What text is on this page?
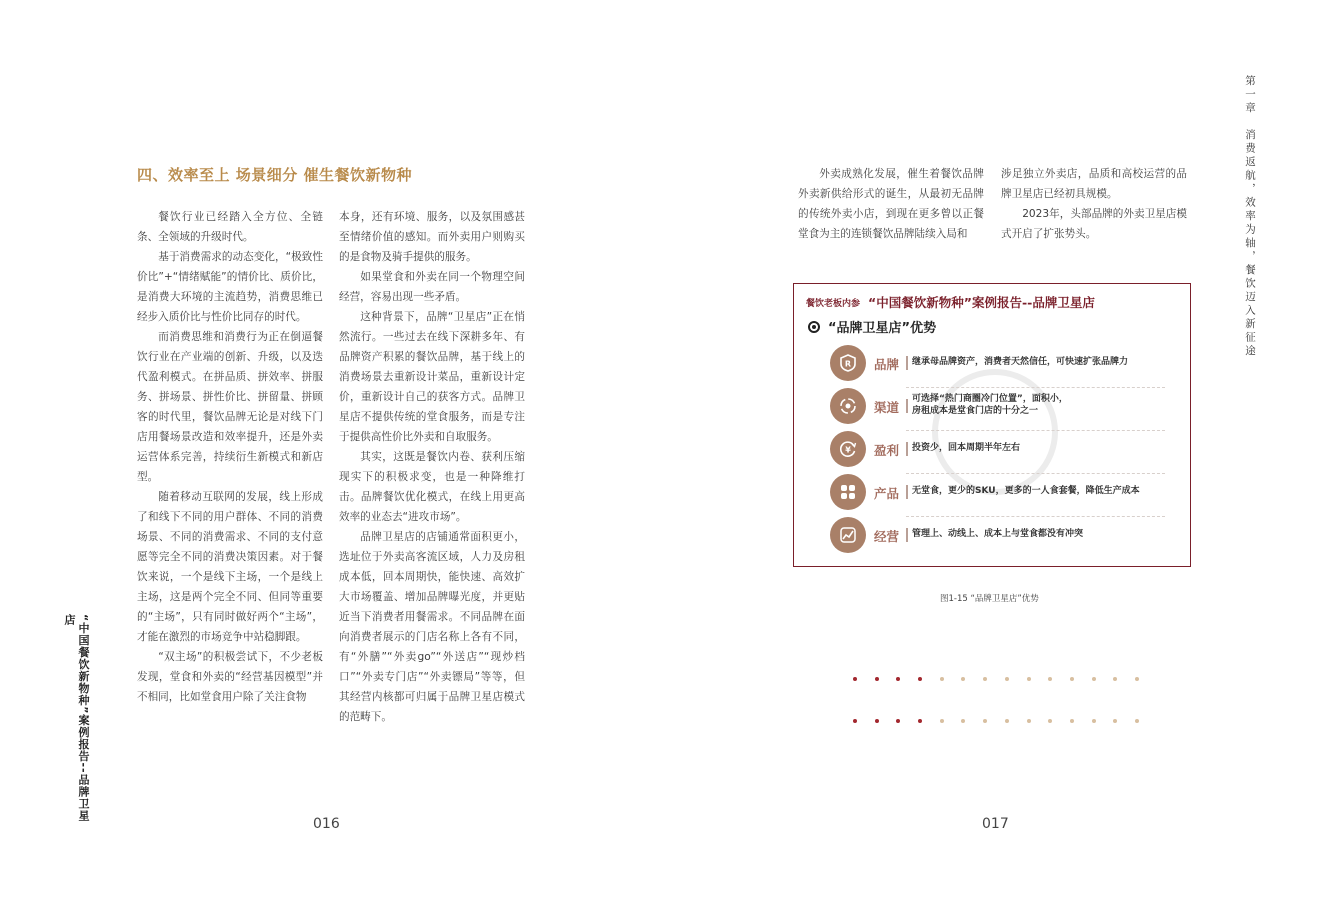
四、效率至上 场景细分 催生餐饮新物种

餐饮行业已经踏入全方位、全链条、全领域的升级时代。

基于消费需求的动态变化，“极致性价比”+“情绪赋能”的情价比、质价比，是消费大环境的主流趋势，消费思维已经步入质价比与性价比同存的时代。

而消费思维和消费行为正在倒逼餐饮行业在产业端的创新、升级，以及迭代盈利模式。在拼品质、拼效率、拼服务、拼场景、拼性价比、拼留量、拼顾客的时代里，餐饮品牌无论是对线下门店用餐场景改造和效率提升，还是外卖运营体系完善，持续衍生新模式和新店型。

随着移动互联网的发展，线上形成了和线下不同的用户群体、不同的消费场景、不同的消费需求、不同的支付意愿等完全不同的消费决策因素。对于餐饮来说，一个是线下主场，一个是线上主场，这是两个完全不同、但同等重要的“主场”，只有同时做好两个“主场”，才能在激烈的市场竞争中站稳脚跟。

“双主场”的积极尝试下，不少老板发现，堂食和外卖的“经营基因模型”并不相同，比如堂食用户除了关注食物

本身，还有环境、服务，以及氛围感甚至情绪价值的感知。而外卖用户则购买的是食物及骑手提供的服务。

如果堂食和外卖在同一个物理空间经营，容易出现一些矛盾。

这种背景下，品牌“卫星店”正在悄然流行。一些过去在线下深耕多年、有品牌资产积累的餐饮品牌，基于线上的消费场景去重新设计菜品，重新设计定价，重新设计自己的获客方式。品牌卫星店不提供传统的堂食服务，而是专注于提供高性价比外卖和自取服务。

其实，这既是餐饮内卷、获利压缩现实下的积极求变，也是一种降维打击。品牌餐饮优化模式，在线上用更高效率的业态去“进攻市场”。

品牌卫星店的店铺通常面积更小，选址位于外卖高客流区域，人力及房租成本低，回本周期快，能快速、高效扩大市场覆盖、增加品牌曝光度，并更贴近当下消费者用餐需求。不同品牌在面向消费者展示的门店名称上各有不同，有“外膳”“外卖go”“外送店”“现炒档口”“外卖专门店”“外卖镖局”等等，但其经营内核都可归属于品牌卫星店模式的范畴下。

“中国餐饮新物种”案例报告--品牌卫星店
016

外卖成熟化发展，催生着餐饮品牌外卖新供给形式的诞生，从最初无品牌的传统外卖小店，到现在更多曾以正餐堂食为主的连锁餐饮品牌陆续入局和

涉足独立外卖店，品质和高校运营的品牌卫星店已经初具规模。

2023年，头部品牌的外卖卫星店模式开启了扩张势头。	第一章　消费返航，效率为轴，餐饮迈入新征途
餐饮老板内参 “中国餐饮新物种”案例报告--品牌卫星店
“品牌卫星店”优势
R 品牌 继承母品牌资产，消费者天然信任，可快速扩张品牌力
渠道
可选择“热门商圈冷门位置”，面积小，
房租成本是堂食门店的十分之一
¥ 盈利 投资少，回本周期半年左右
产品 无堂食，更少的SKU，更多的一人食套餐，降低生产成本
经营 管理上、动线上、成本上与堂食都没有冲突
图1-15 “品牌卫星店”优势
017
